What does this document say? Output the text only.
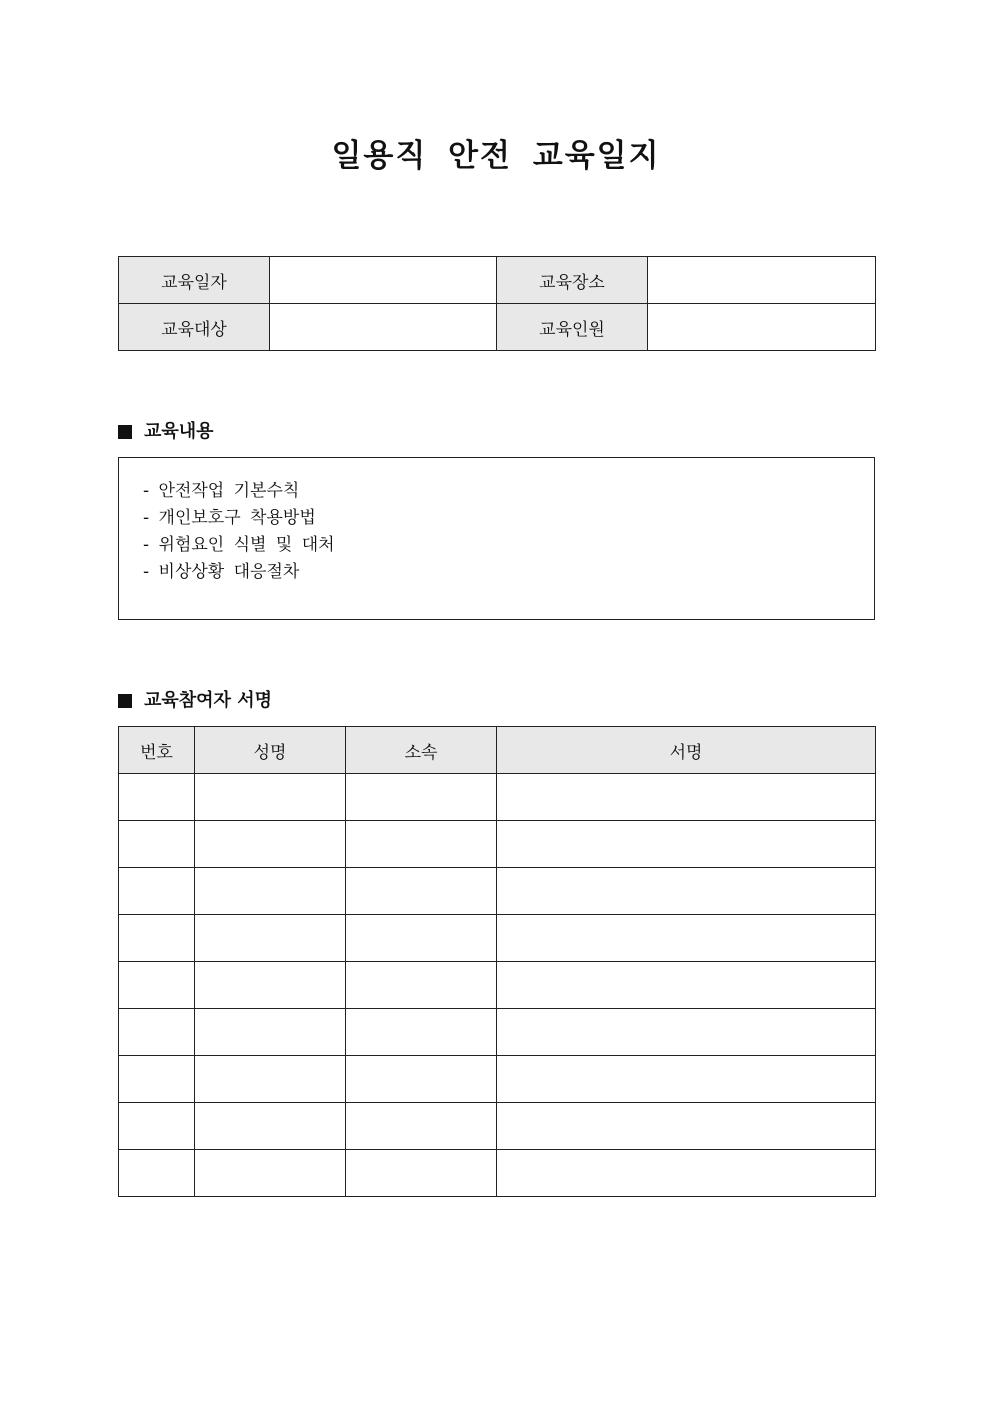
일용직 안전 교육일지
교육일자		교육장소	
교육대상		교육인원	
교육내용
- 안전작업 기본수칙
- 개인보호구 착용방법
- 위험요인 식별 및 대처
- 비상상황 대응절차
교육참여자 서명
번호	성명	소속	서명
